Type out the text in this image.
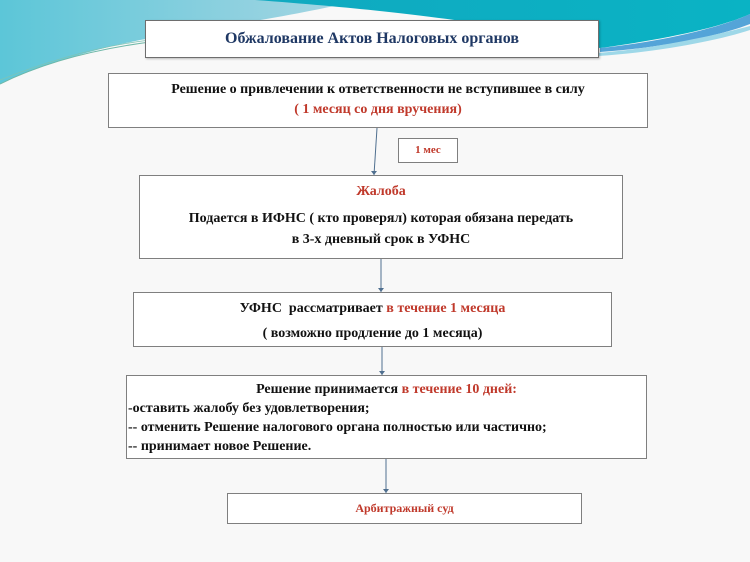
Обжалование Актов Налоговых органов
Решение о привлечении к ответственности не вступившее в силу
( 1 месяц со дня вручения)
1 мес
Жалоба
Подается в ИФНС ( кто проверял) которая обязана передать
в 3-х дневный срок в УФНС
УФНС  рассматривает в течение 1 месяца
( возможно продление до 1 месяца)
Решение принимается в течение 10 дней:
-оставить жалобу без удовлетворения;
-- отменить Решение налогового органа полностью или частично;
-- принимает новое Решение.
Арбитражный суд
